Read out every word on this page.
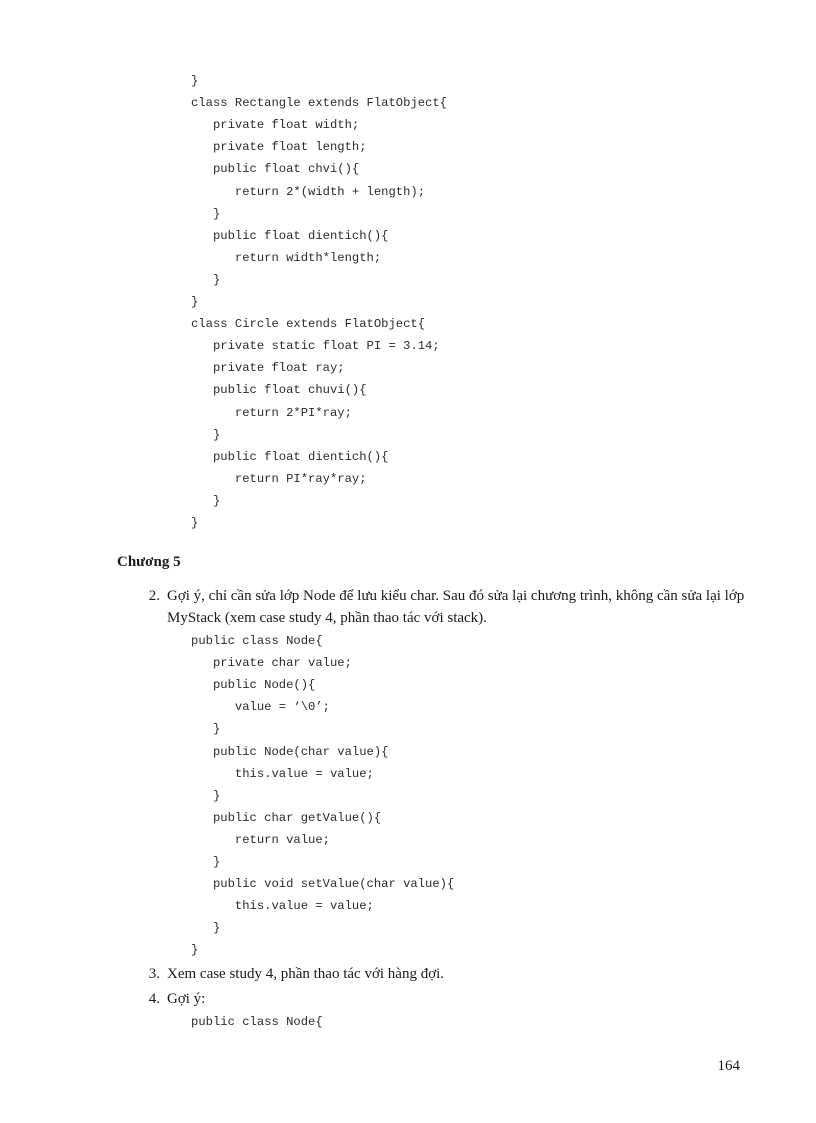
}
class Rectangle extends FlatObject{
private float width;
private float length;
public float chvi(){
return 2*(width + length);
}
public float dientich(){
return width*length;
}
}
class Circle extends FlatObject{
private static float PI = 3.14;
private float ray;
public float chuvi(){
return 2*PI*ray;
}
public float dientich(){
return PI*ray*ray;
}
}
Chương 5
2. Gợi ý, chỉ cần sửa lớp Node để lưu kiểu char. Sau đó sửa lại chương trình, không cần sửa lại lớp MyStack (xem case study 4, phần thao tác với stack).
public class Node{
private char value;
public Node(){
value = ‘\0’;
}
public Node(char value){
this.value = value;
}
public char getValue(){
return value;
}
public void setValue(char value){
this.value = value;
}
}
3. Xem case study 4, phần thao tác với hàng đợi.
4. Gợi ý:
public class Node{
164
